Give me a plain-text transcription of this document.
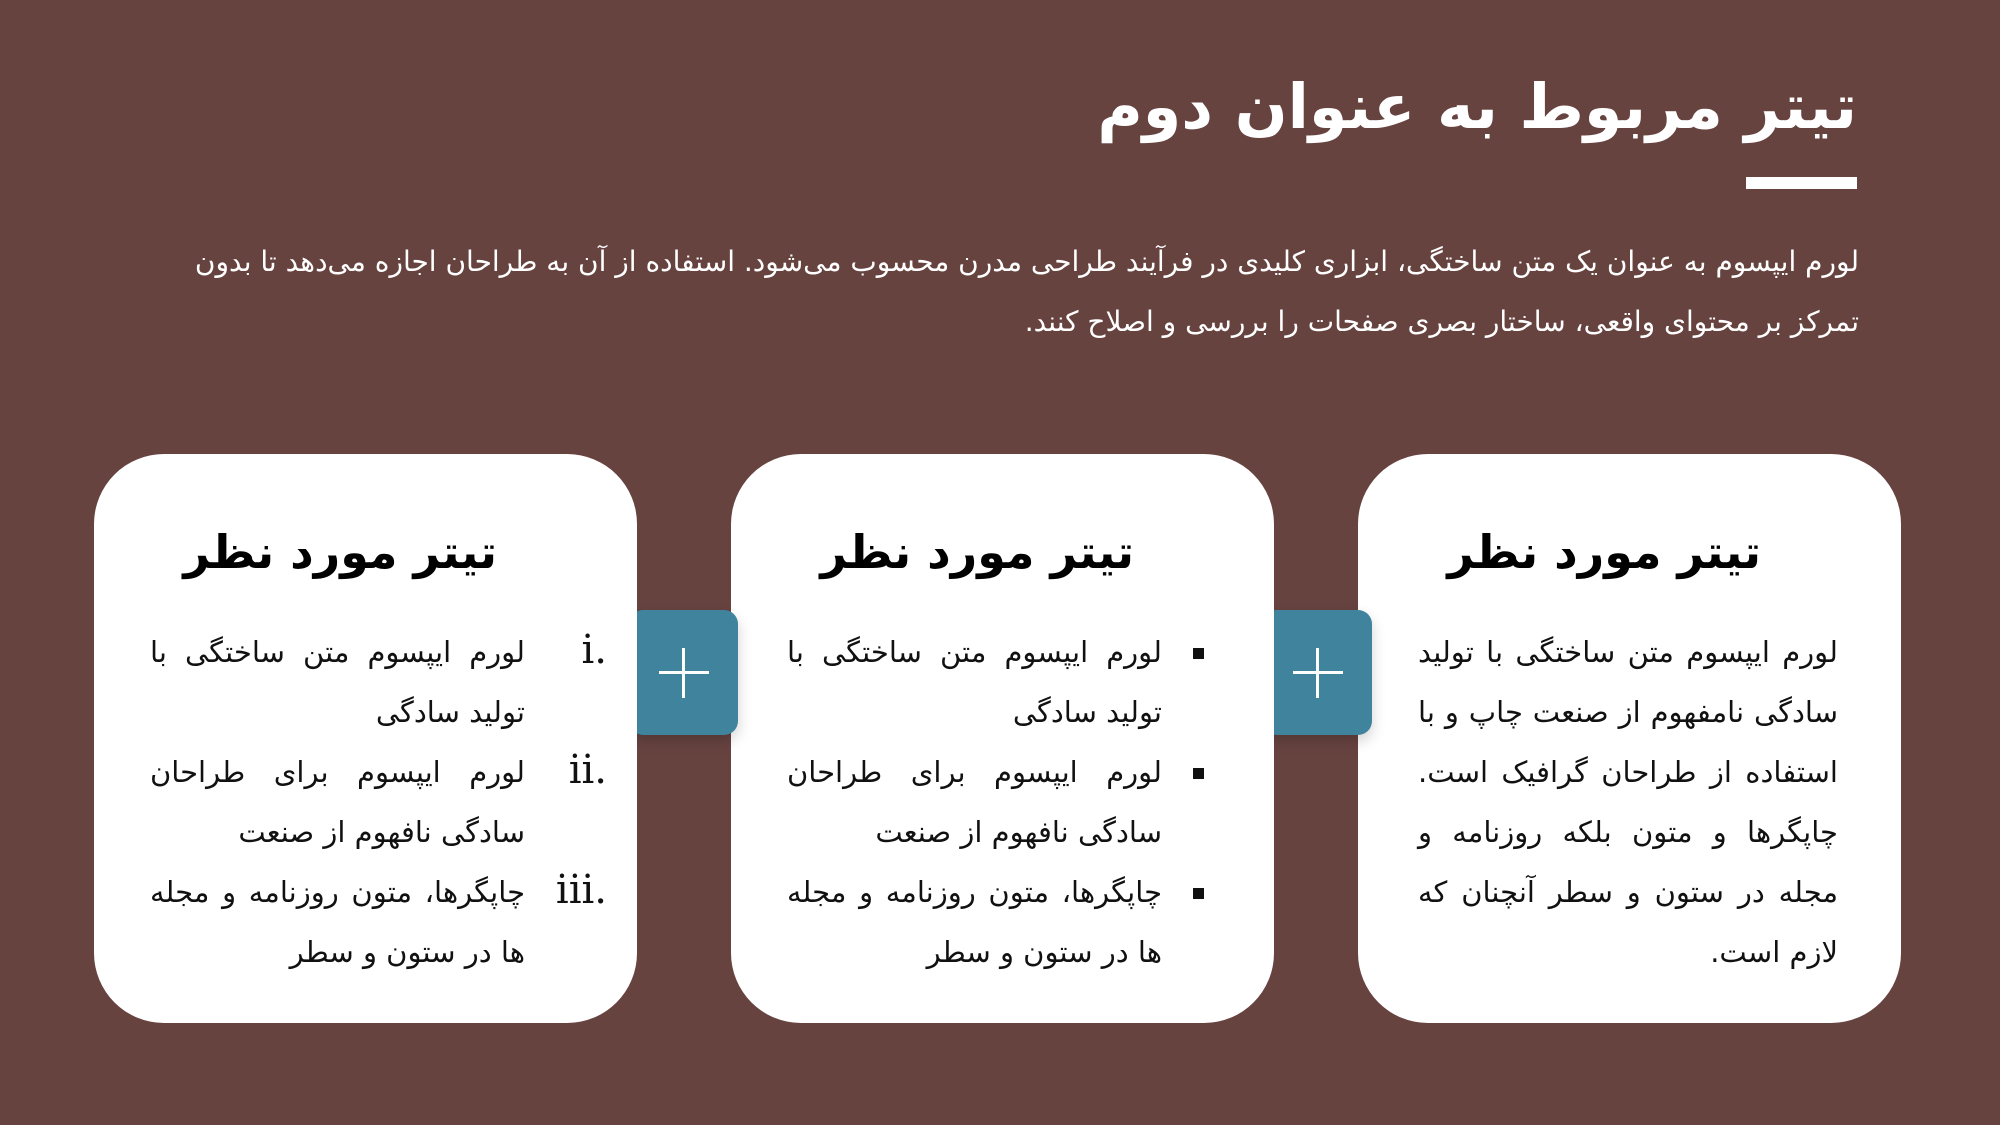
تیتر مربوط به عنوان دوم

لورم ایپسوم به عنوان یک متن ساختگی، ابزاری کلیدی در فرآیند طراحی مدرن محسوب می‌شود. استفاده از آن به طراحان اجازه می‌دهد تا بدون تمرکز بر محتوای واقعی، ساختار بصری صفحات را بررسی و اصلاح کنند.

تیتر مورد نظر

لورم ایپسوم متن ساختگی با تولید سادگی نامفهوم از صنعت چاپ و با استفاده از طراحان گرافیک است. چاپگرها و متون بلکه روزنامه و مجله در ستون و سطر آنچنان که لازم است.

تیتر مورد نظر
لورم ایپسوم متن ساختگی با تولید سادگی
لورم ایپسوم برای طراحان سادگی نافهوم از صنعت
چاپگرها، متون روزنامه و مجله ها در ستون و سطر
تیتر مورد نظر
i.
لورم ایپسوم متن ساختگی با تولید سادگی
ii.
لورم ایپسوم برای طراحان سادگی نافهوم از صنعت
iii.
چاپگرها، متون روزنامه و مجله ها در ستون و سطر
